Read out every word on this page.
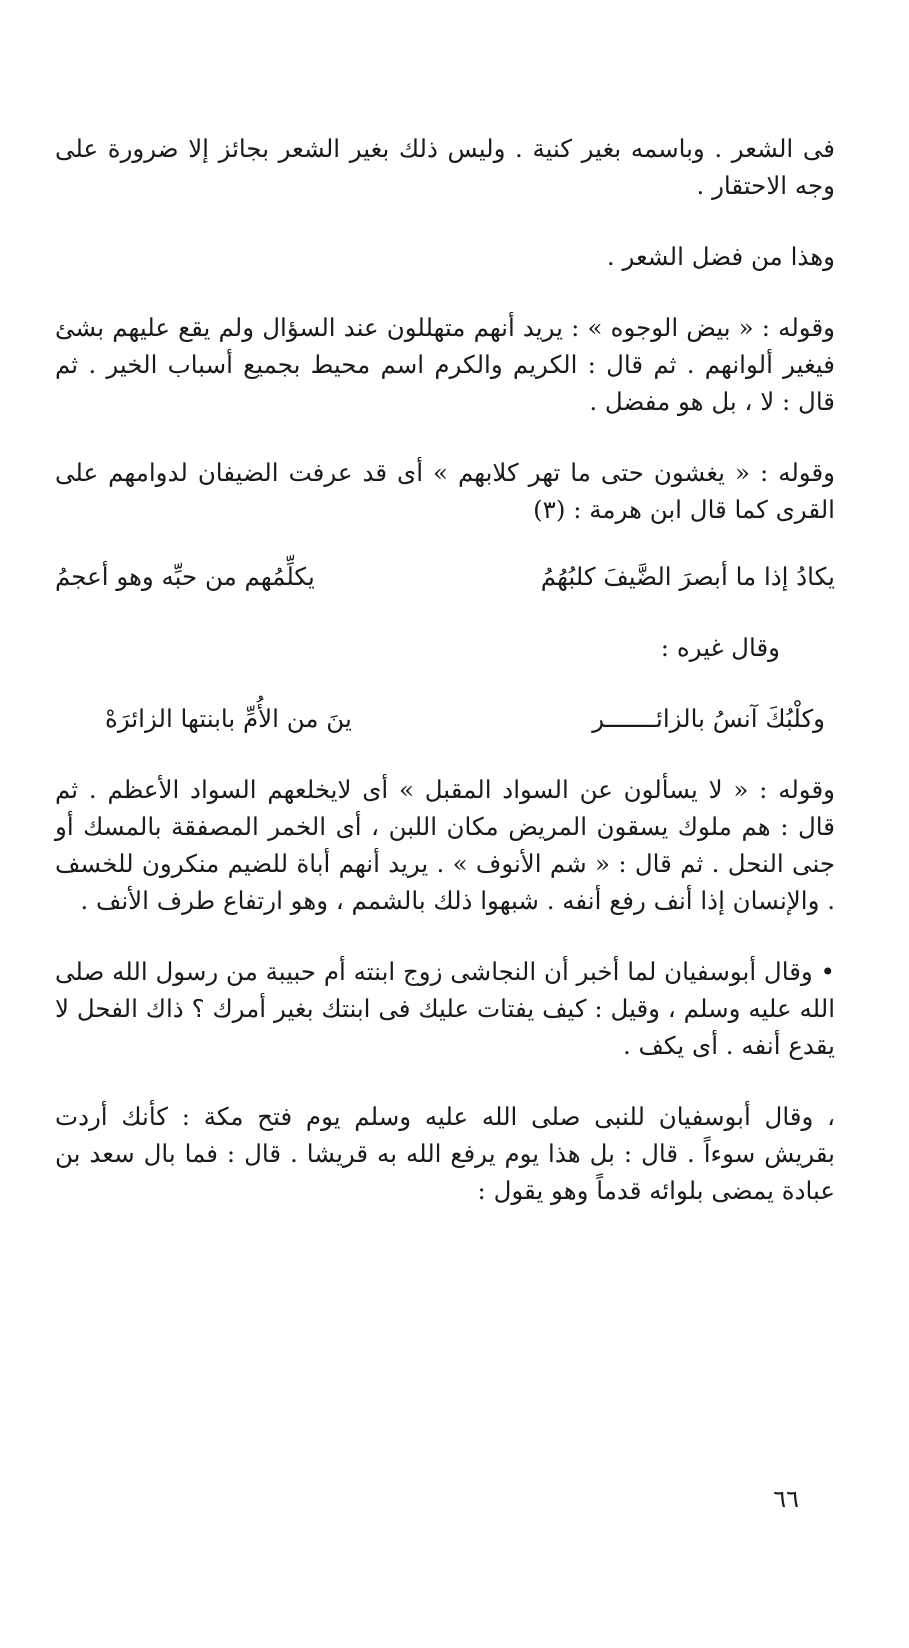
فى الشعر . وباسمه بغير كنية . وليس ذلك بغير الشعر بجائز إلا ضرورة على وجه الاحتقار .

وهذا من فضل الشعر .

وقوله : « بيض الوجوه » : يريد أنهم متهللون عند السؤال ولم يقع عليهم بشئ فيغير ألوانهم . ثم قال : الكريم والكرم اسم محيط بجميع أسباب الخير . ثم قال : لا ، بل هو مفضل .

وقوله : « يغشون حتى ما تهر كلابهم » أى قد عرفت الضيفان لدوامهم على القرى كما قال ابن هرمة : (٣)

يكادُ إذا ما أبصرَ الضَّيفَ كلبُهُمُ
يكلِّمُهم من حبِّه وهو أعجمُ

وقال غيره :

وكلْبُكَ آنسُ بالزائـــــــر
ينَ من الأُمِّ بابنتها الزائرَهْ

وقوله : « لا يسألون عن السواد المقبل » أى لايخلعهم السواد الأعظم . ثم قال : هم ملوك يسقون المريض مكان اللبن ، أى الخمر المصفقة بالمسك أو جنى النحل . ثم قال : « شم الأنوف » . يريد أنهم أباة للضيم منكرون للخسف . والإنسان إذا أنف رفع أنفه . شبهوا ذلك بالشمم ، وهو ارتفاع طرف الأنف .

• وقال أبوسفيان لما أخبر أن النجاشى زوج ابنته أم حبيبة من رسول الله صلى الله عليه وسلم ، وقيل : كيف يفتات عليك فى ابنتك بغير أمرك ؟ ذاك الفحل لا يقدع أنفه . أى يكف .

، وقال أبوسفيان للنبى صلى الله عليه وسلم يوم فتح مكة : كأنك أردت بقريش سوءاً . قال : بل هذا يوم يرفع الله به قريشا . قال : فما بال سعد بن عبادة يمضى بلوائه قدماً وهو يقول :

٦٦
